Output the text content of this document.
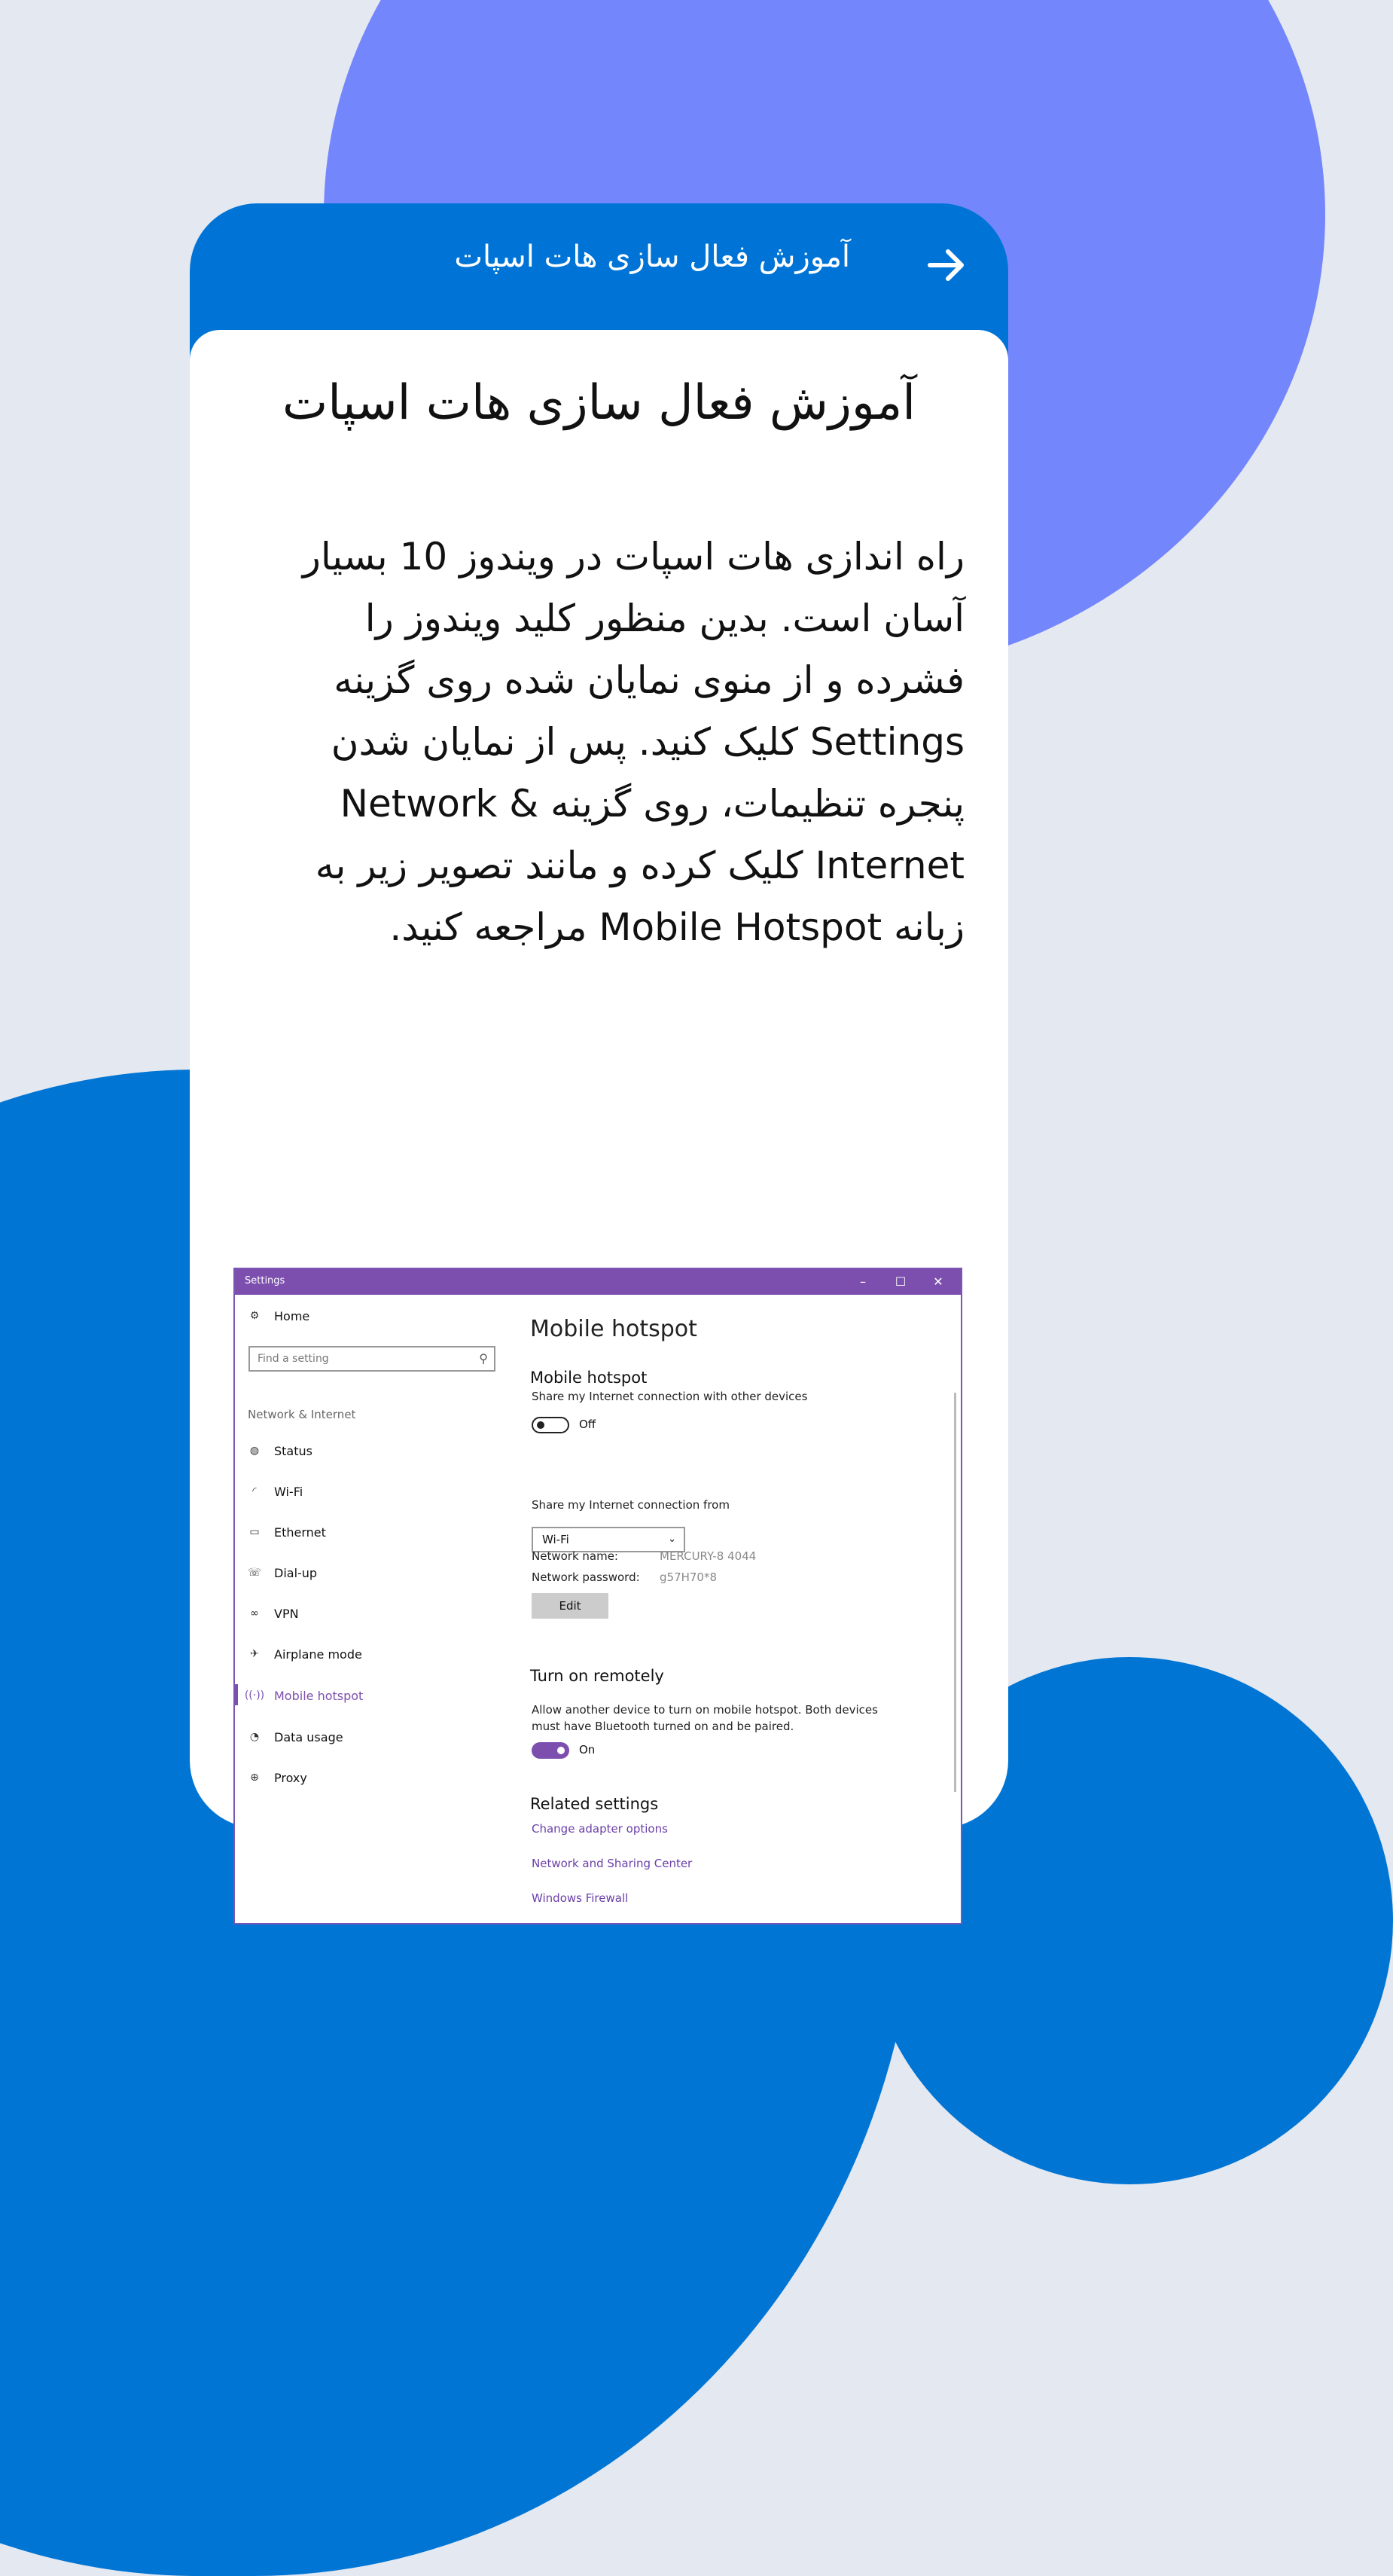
آموزش فعال سازی هات اسپات
آموزش فعال سازی هات اسپات
راه اندازی هات اسپات در ویندوز 10 بسیار آسان است. بدین منظور کلید ویندوز را فشرده و از منوی نمایان شده روی گزینه Settings کلیک کنید. پس از نمایان شدن پنجره تنظیمات، روی گزینه Network & Internet کلیک کرده و مانند تصویر زیر به زبانه Mobile Hotspot مراجعه کنید.
Settings	–	☐	✕
⚙ Home
Find a setting	⚲
Network & Internet
◍ Status
◜	Wi-Fi
▭ Ethernet
☏ Dial-up
∞ VPN
✈ Airplane mode
((·)) Mobile hotspot
◔ Data usage
⊕ Proxy
Mobile hotspot
Mobile hotspot
Share my Internet connection with other devices
Off
Share my Internet connection from
Wi-Fi	⌄
Network name:	MERCURY-8 4044
Network password: g57H70*8
Edit
Turn on remotely
Allow another device to turn on mobile hotspot. Both devices
must have Bluetooth turned on and be paired.
On
Related settings
Change adapter options
Network and Sharing Center
Windows Firewall
